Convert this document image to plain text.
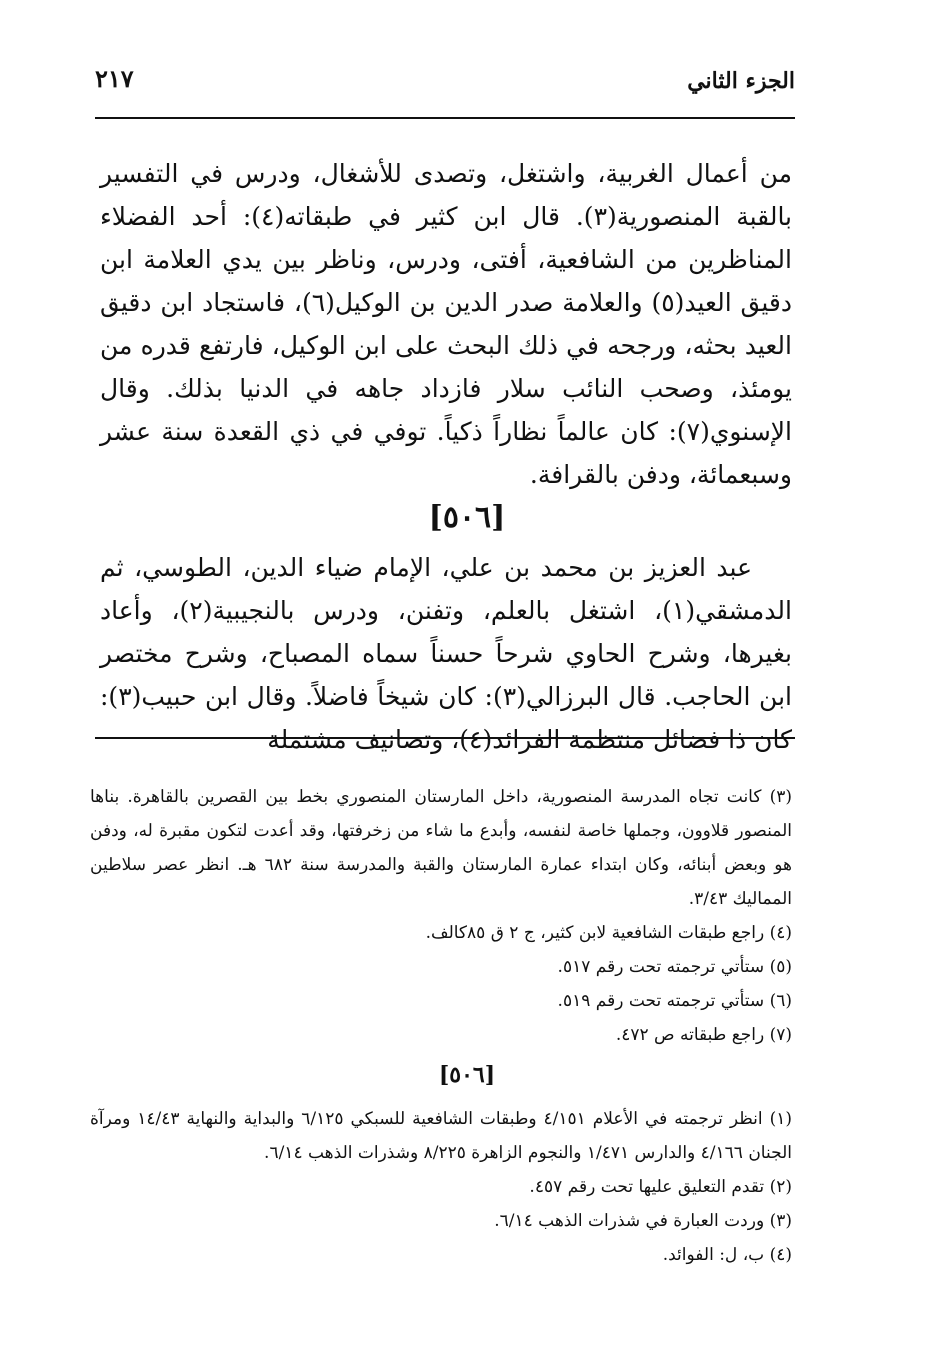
الجزء الثاني
٢١٧

من أعمال الغربية، واشتغل، وتصدى للأشغال، ودرس في التفسير بالقبة المنصورية(٣). قال ابن كثير في طبقاته(٤): أحد الفضلاء المناظرين من الشافعية، أفتى، ودرس، وناظر بين يدي العلامة ابن دقيق العيد(٥) والعلامة صدر الدين بن الوكيل(٦)، فاستجاد ابن دقيق العيد بحثه، ورجحه في ذلك البحث على ابن الوكيل، فارتفع قدره من يومئذ، وصحب النائب سلار فازداد جاهه في الدنيا بذلك. وقال الإسنوي(٧): كان عالماً نظاراً ذكياً. توفي في ذي القعدة سنة عشر وسبعمائة، ودفن بالقرافة.

[٥٠٦]

عبد العزيز بن محمد بن علي، الإمام ضياء الدين، الطوسي، ثم الدمشقي(١)، اشتغل بالعلم، وتفنن، ودرس بالنجيبية(٢)، وأعاد بغيرها، وشرح الحاوي شرحاً حسناً سماه المصباح، وشرح مختصر ابن الحاجب. قال البرزالي(٣): كان شيخاً فاضلاً. وقال ابن حبيب(٣): كان ذا فضائل منتظمة الفرائد(٤)، وتصانيف مشتملة

(٣) كانت تجاه المدرسة المنصورية، داخل المارستان المنصوري بخط بين القصرين بالقاهرة. بناها المنصور قلاوون، وجملها خاصة لنفسه، وأبدع ما شاء من زخرفتها، وقد أعدت لتكون مقبرة له، ودفن هو وبعض أبنائه، وكان ابتداء عمارة المارستان والقبة والمدرسة سنة ٦٨٢ هـ. انظر عصر سلاطين المماليك ٣/٤٣.

(٤) راجع طبقات الشافعية لابن كثير، ج ٢ ق ٨٥كالف.

(٥) ستأتي ترجمته تحت رقم ٥١٧.

(٦) ستأتي ترجمته تحت رقم ٥١٩.

(٧) راجع طبقاته ص ٤٧٢.

[٥٠٦]

(١) انظر ترجمته في الأعلام ٤/١٥١ وطبقات الشافعية للسبكي ٦/١٢٥ والبداية والنهاية ١٤/٤٣ ومرآة الجنان ٤/١٦٦ والدارس ١/٤٧١ والنجوم الزاهرة ٨/٢٢٥ وشذرات الذهب ٦/١٤.

(٢) تقدم التعليق عليها تحت رقم ٤٥٧.

(٣) وردت العبارة في شذرات الذهب ٦/١٤.

(٤) ب، ل: الفوائد.
